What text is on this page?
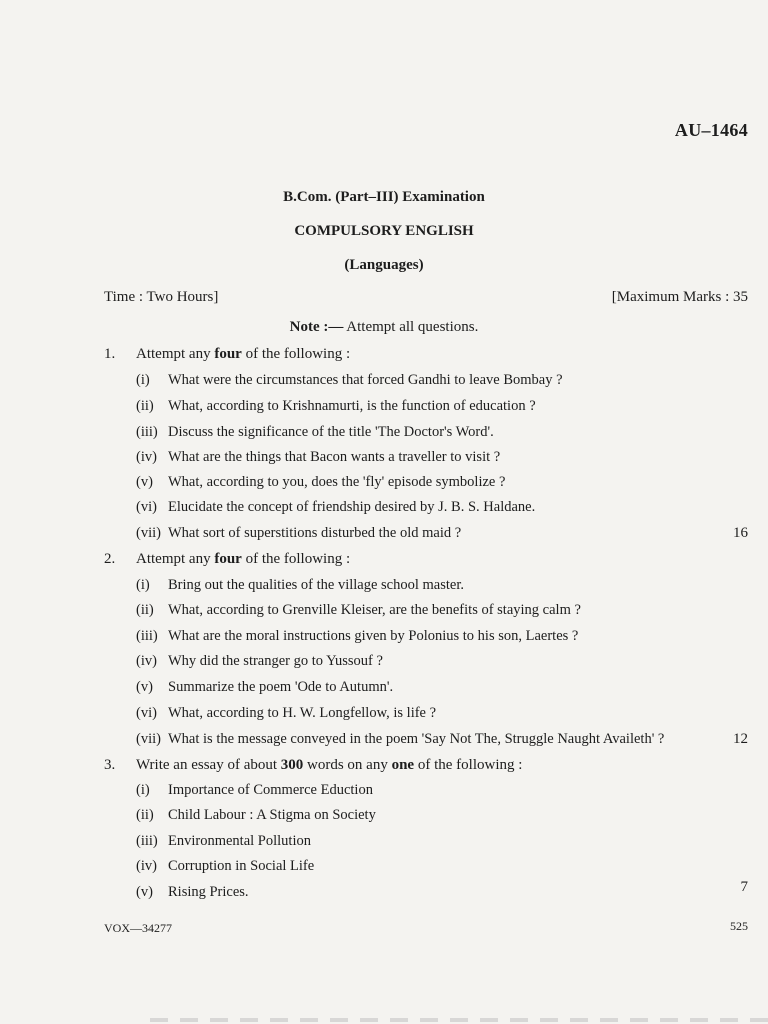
AU–1464
B.Com. (Part–III) Examination
COMPULSORY ENGLISH
(Languages)
Time : Two Hours]	[Maximum Marks : 35
Note :— Attempt all questions.
1. Attempt any four of the following :
(i) What were the circumstances that forced Gandhi to leave Bombay ?
(ii) What, according to Krishnamurti, is the function of education ?
(iii) Discuss the significance of the title 'The Doctor's Word'.
(iv) What are the things that Bacon wants a traveller to visit ?
(v) What, according to you, does the 'fly' episode symbolize ?
(vi) Elucidate the concept of friendship desired by J. B. S. Haldane.
(vii) What sort of superstitions disturbed the old maid ?	16
2. Attempt any four of the following :
(i) Bring out the qualities of the village school master.
(ii) What, according to Grenville Kleiser, are the benefits of staying calm ?
(iii) What are the moral instructions given by Polonius to his son, Laertes ?
(iv) Why did the stranger go to Yussouf ?
(v) Summarize the poem 'Ode to Autumn'.
(vi) What, according to H. W. Longfellow, is life ?
(vii) What is the message conveyed in the poem 'Say Not The, Struggle Naught Availeth' ?	12
3. Write an essay of about 300 words on any one of the following :
(i) Importance of Commerce Eduction
(ii) Child Labour : A Stigma on Society
(iii) Environmental Pollution
(iv) Corruption in Social Life
(v) Rising Prices.	7
VOX—34277	525
